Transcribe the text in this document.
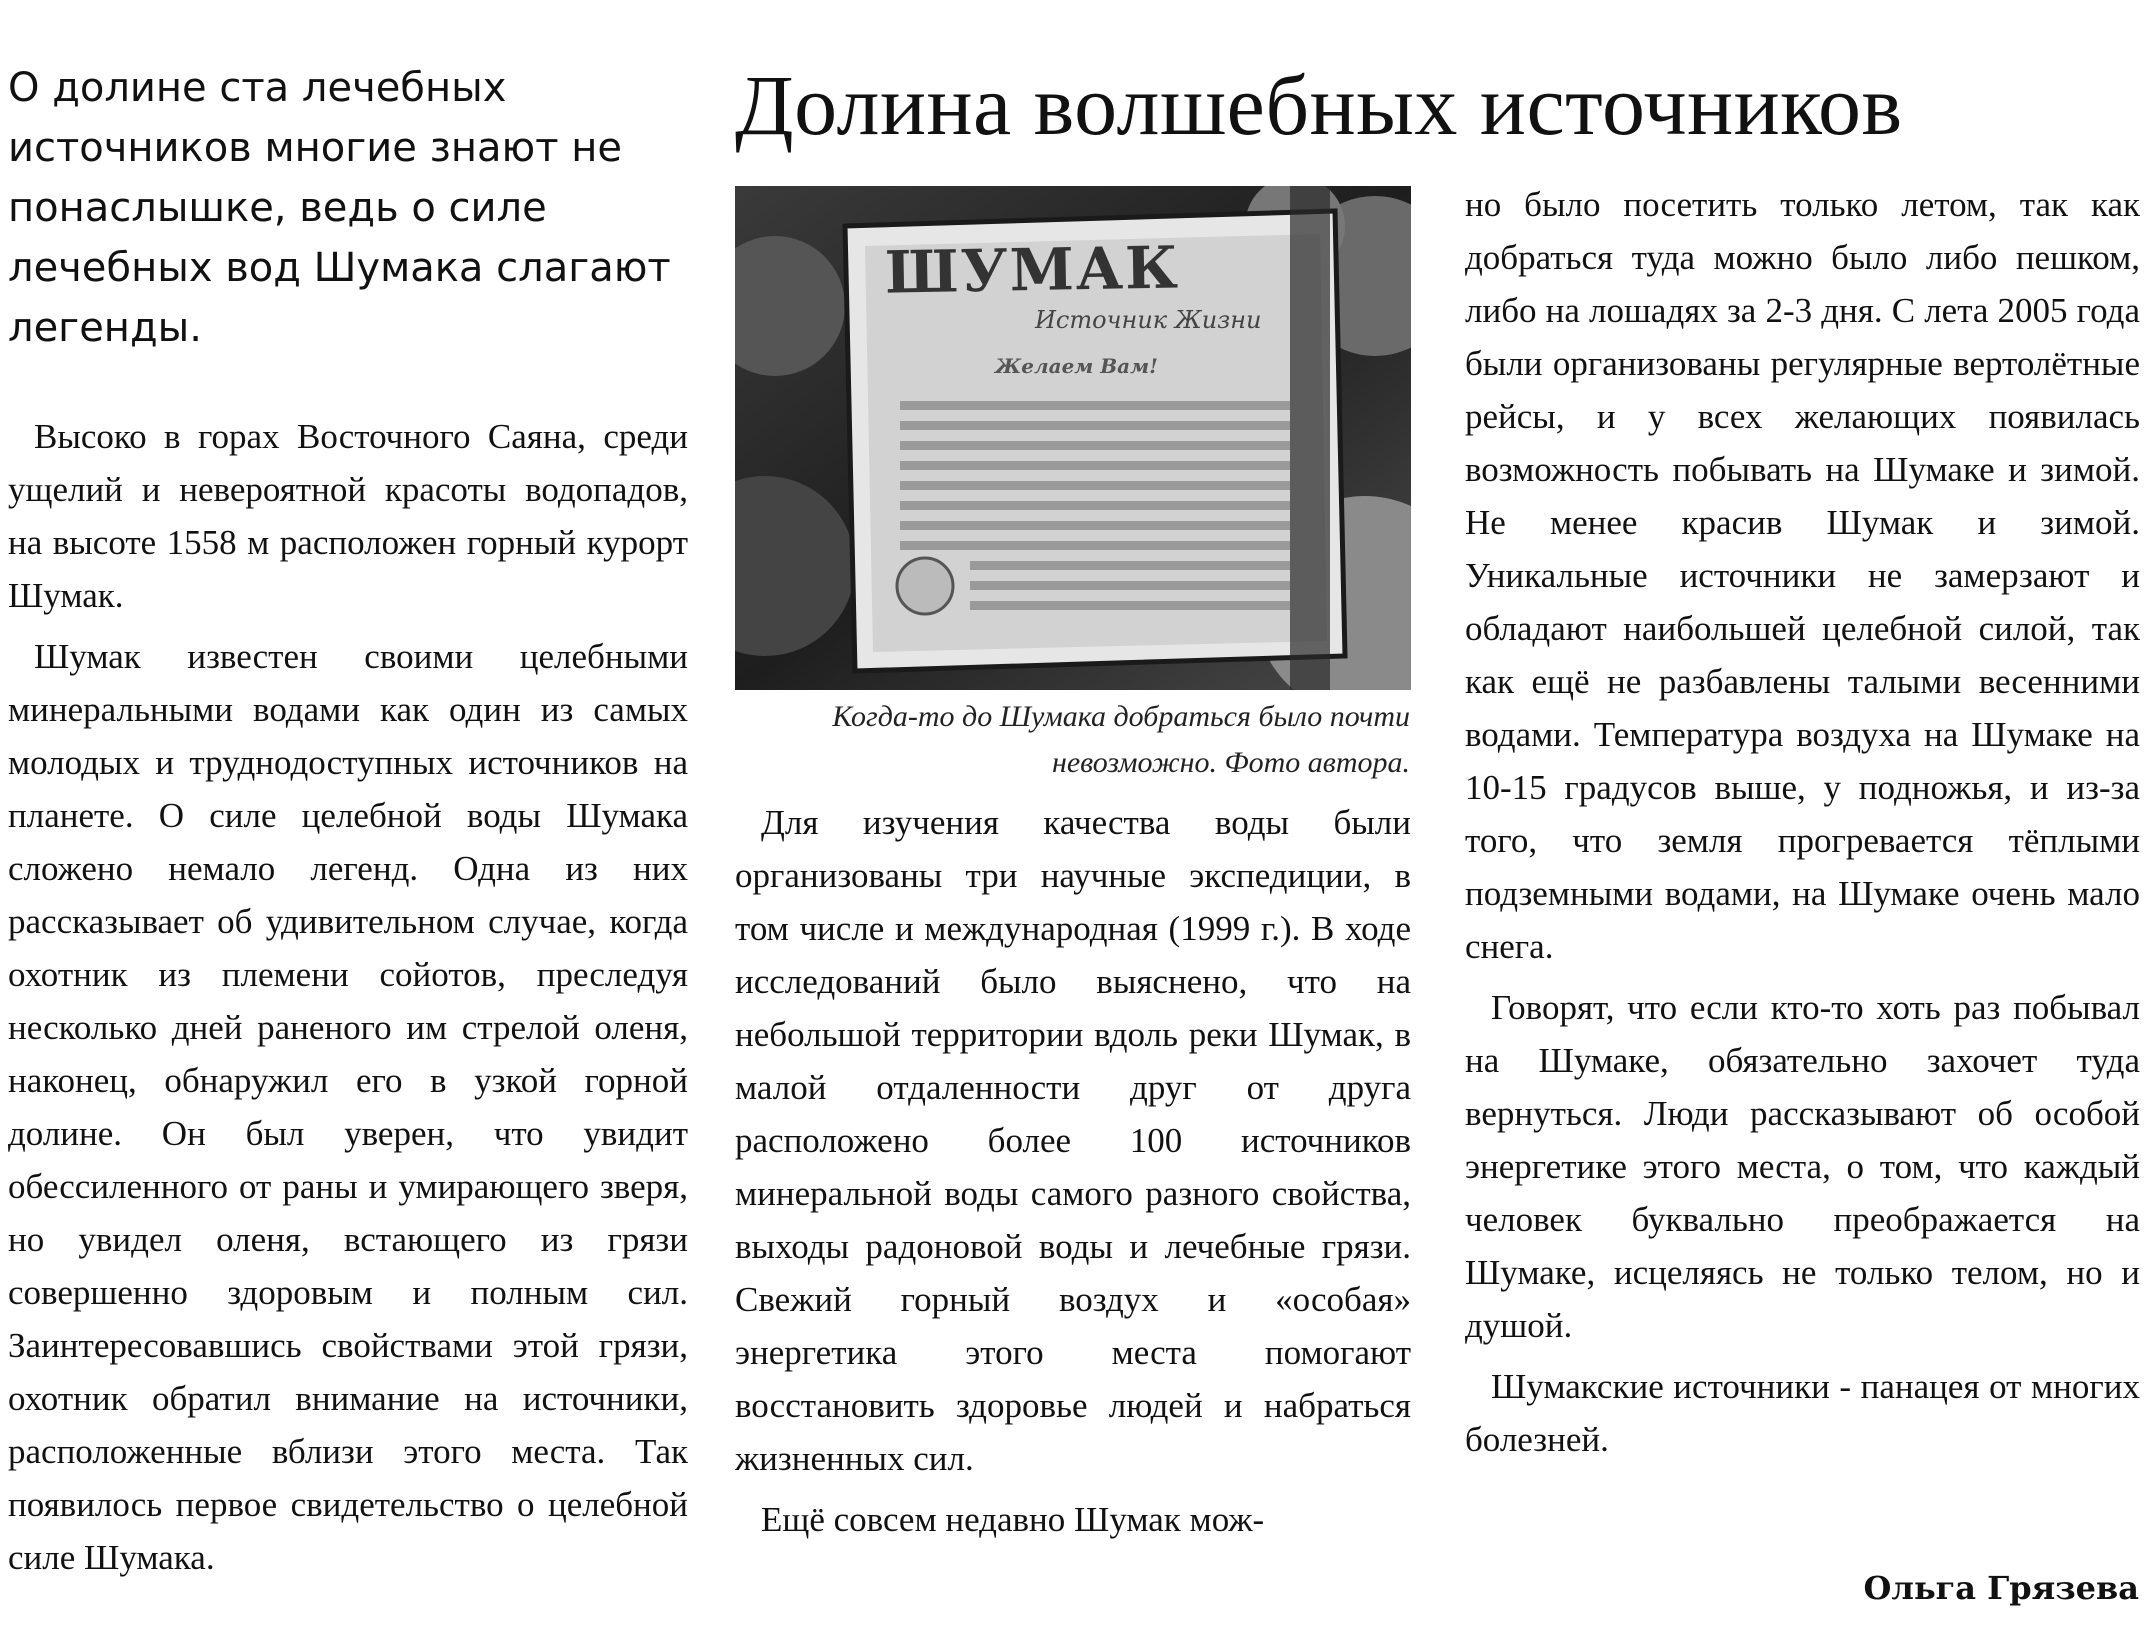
О долине ста лечебных источников многие знают не понаслышке, ведь о силе лечебных вод Шумака слагают легенды.

Высоко в горах Восточного Саяна, среди ущелий и невероятной красоты водопадов, на высоте 1558 м расположен горный курорт Шумак.

Шумак известен своими целебными минеральными водами как один из самых молодых и труднодоступных источников на планете. О силе целебной воды Шумака сложено немало легенд. Одна из них рассказывает об удивительном случае, когда охотник из племени сойотов, преследуя несколько дней раненого им стрелой оленя, наконец, обнаружил его в узкой горной долине. Он был уверен, что увидит обессиленного от раны и умирающего зверя, но увидел оленя, встающего из грязи совершенно здоровым и полным сил. Заинтересовавшись свойствами этой грязи, охотник обратил внимание на источники, расположенные вблизи этого места. Так появилось первое свидетельство о целебной силе Шумака.

Долина волшебных источников
ШУМАК
Источник Жизни
Желаем Вам!
Когда-то до Шумака добраться было почти невозможно. Фото автора.

Для изучения качества воды были организованы три научные экспедиции, в том числе и международная (1999 г.). В ходе исследований было выяснено, что на небольшой территории вдоль реки Шумак, в малой отдаленности друг от друга расположено более 100 источников минеральной воды самого разного свойства, выходы радоновой воды и лечебные грязи. Свежий горный воздух и «особая» энергетика этого места помогают восстановить здоровье людей и набраться жизненных сил.

Ещё совсем недавно Шумак мож-

но было посетить только летом, так как добраться туда можно было либо пешком, либо на лошадях за 2-3 дня. С лета 2005 года были организованы регулярные вертолётные рейсы, и у всех желающих появилась возможность побывать на Шумаке и зимой. Не менее красив Шумак и зимой. Уникальные источники не замерзают и обладают наибольшей целебной силой, так как ещё не разбавлены талыми весенними водами. Температура воздуха на Шумаке на 10-15 градусов выше, у подножья, и из-за того, что земля прогревается тёплыми подземными водами, на Шумаке очень мало снега.

Говорят, что если кто-то хоть раз побывал на Шумаке, обязательно захочет туда вернуться. Люди рассказывают об особой энергетике этого места, о том, что каждый человек буквально преображается на Шумаке, исцеляясь не только телом, но и душой.

Шумакские источники - панацея от многих болезней.

Ольга Грязева
